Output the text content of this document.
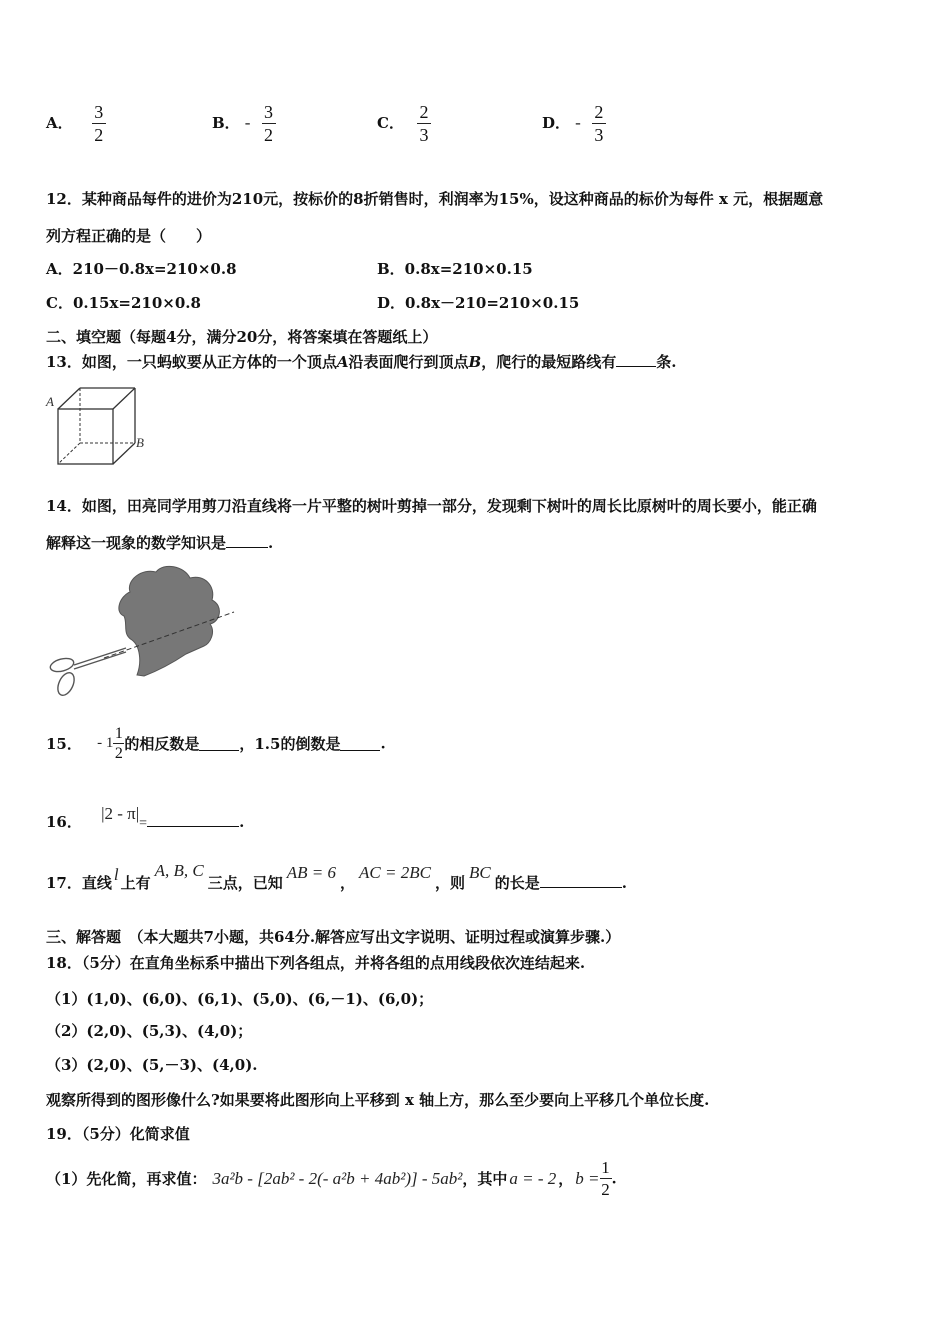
A． $\frac{3}{2}$	B． - $\frac{3}{2}$	C． $\frac{2}{3}$	D． - $\frac{2}{3}$
12．某种商品每件的进价为210元，按标价的8折销售时，利润率为15%，设这种商品的标价为每件 x 元，根据题意
列方程正确的是（　　）
A．210－0.8x=210×0.8	B．0.8x=210×0.15
C．0.15x=210×0.8	D．0.8x－210=210×0.15
二、填空题（每题4分，满分20分，将答案填在答题纸上）
13．如图，一只蚂蚁要从正方体的一个顶点A沿表面爬行到顶点B，爬行的最短路线有	条.
A
B
14．如图，田亮同学用剪刀沿直线将一片平整的树叶剪掉一部分，发现剩下树叶的周长比原树叶的周长要小，能正确
解释这一现象的数学知识是	.
15． - $1 \frac{1}{2}$ 的相反数是	，1.5的倒数是	.
16． |2 - π|=	.
17．直线 l 上有A, B, C三点，已知AB = 6，AC = 2BC，则BC的长是	.
三、解答题　（本大题共7小题，共64分.解答应写出文字说明、证明过程或演算步骤.）
18．（5分）在直角坐标系中描出下列各组点，并将各组的点用线段依次连结起来.
（1）(1,0)、(6,0)、(6,1)、(5,0)、(6,－1)、(6,0)；
（2）(2,0)、(5,3)、(4,0)；
（3）(2,0)、(5,－3)、(4,0).
观察所得到的图形像什么?如果要将此图形向上平移到 x 轴上方，那么至少要向上平移几个单位长度.
19．（5分）化简求值
（1）先化简，再求值： 3a²b - [2ab² - 2(- a²b + 4ab²)] - 5ab²，其中 a = - 2 ， $b = \frac{1}{2}$ .
